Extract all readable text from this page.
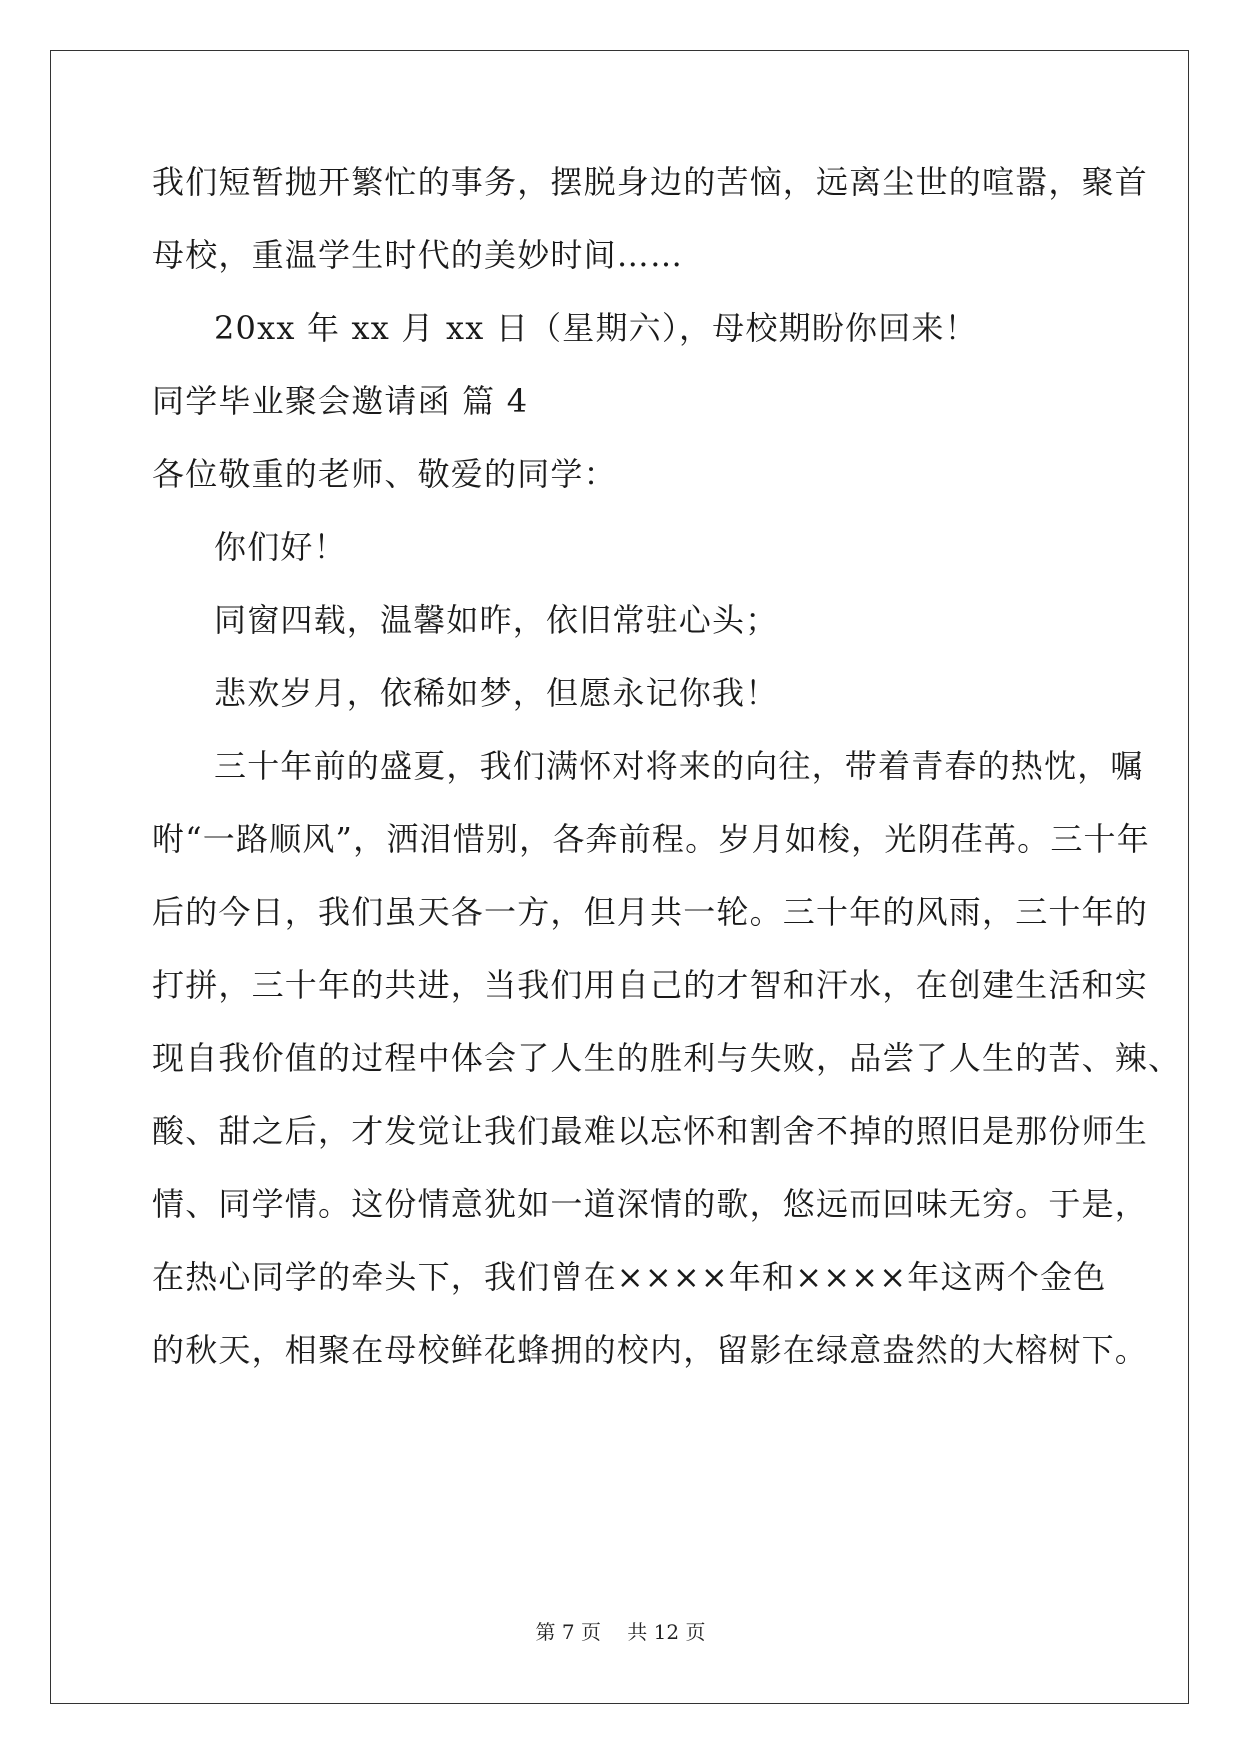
我们短暂抛开繁忙的事务，摆脱身边的苦恼，远离尘世的喧嚣，聚首
母校，重温学生时代的美妙时间……
20xx 年 xx 月 xx 日（星期六），母校期盼你回来！
同学毕业聚会邀请函 篇 4
各位敬重的老师、敬爱的同学：
你们好！
同窗四载，温馨如昨，依旧常驻心头；
悲欢岁月，依稀如梦，但愿永记你我！
三十年前的盛夏，我们满怀对将来的向往，带着青春的热忱，嘱
咐“一路顺风”，洒泪惜别，各奔前程。岁月如梭，光阴荏苒。三十年
后的今日，我们虽天各一方，但月共一轮。三十年的风雨，三十年的
打拼，三十年的共进，当我们用自己的才智和汗水，在创建生活和实
现自我价值的过程中体会了人生的胜利与失败，品尝了人生的苦、辣、
酸、甜之后，才发觉让我们最难以忘怀和割舍不掉的照旧是那份师生
情、同学情。这份情意犹如一道深情的歌，悠远而回味无穷。于是，
在热心同学的牵头下，我们曾在××××年和××××年这两个金色
的秋天，相聚在母校鲜花蜂拥的校内，留影在绿意盎然的大榕树下。
第 7 页　 共 12 页
